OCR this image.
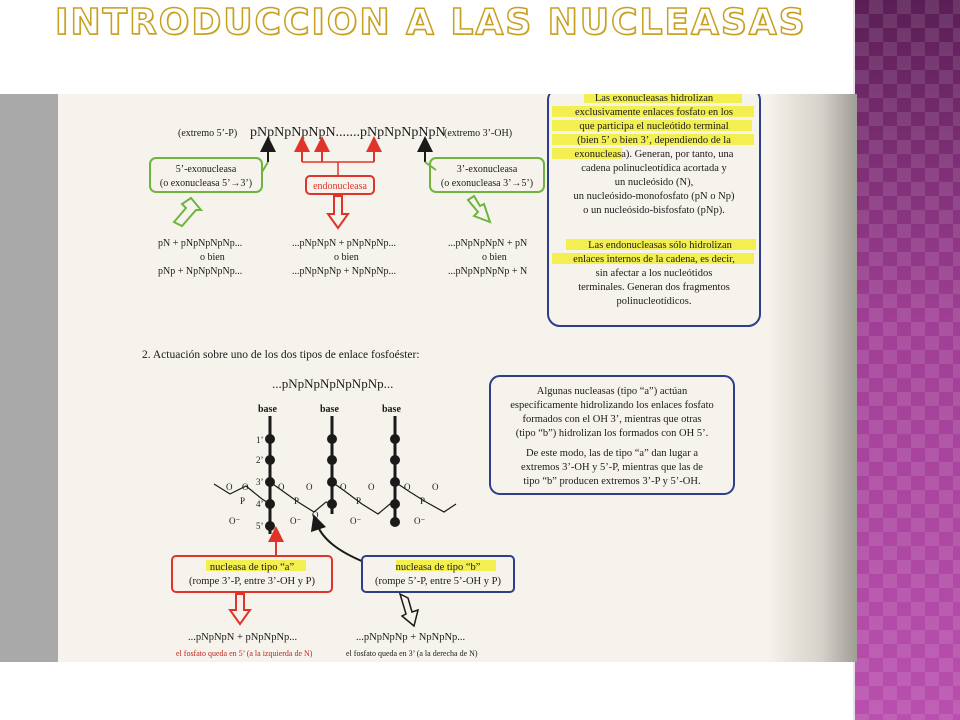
INTRODUCCION A LAS NUCLEASAS
(extremo 5’-P) pNpNpNpNpN.......pNpNpNpNpN
(extremo 3’-OH)
5’-exonucleasa
(o exonucleasa 5’→3’)	endonucleasa
3’-exonucleasa
(o exonucleasa 3’→5’)
pN + pNpNpNpNp...
o bien
pNp + NpNpNpNp...
...pNpNpN + pNpNpNp...
o bien
...pNpNpNp + NpNpNp...
...pNpNpNpN + pN
o bien
...pNpNpNpNp + N
Las exonucleasas hidrolizan
exclusivamente enlaces fosfato en los
que participa el nucleótido terminal
(bien 5’ o bien 3’, dependiendo de la
exonucleasa). Generan, por tanto, una
cadena polinucleotídica acortada y
un nucleósido (N),
un nucleósido-monofosfato (pN o Np)
o un nucleósido-bisfosfato (pNp).
Las endonucleasas sólo hidrolizan
enlaces internos de la cadena, es decir,
sin afectar a los nucleótidos
terminales. Generan dos fragmentos
polinucleotídicos.
2. Actuación sobre uno de los dos tipos de enlace fosfoéster:
...pNpNpNpNpNpNp...
base	base	base
1’
2’
3’
4’
5’
O
P
O⁻
O	O
P
O⁻
O	O
P
O⁻
O	O
P
O⁻
O
O
Algunas nucleasas (tipo “a”) actúan
específicamente hidrolizando los enlaces fosfato
formados con el OH 3’, mientras que otras
(tipo “b”) hidrolizan los formados con OH 5’.
De este modo, las de tipo “a” dan lugar a
extremos 3’-OH y 5’-P, mientras que las de
tipo “b” producen extremos 3’-P y 5’-OH.
nucleasa de tipo “a”
(rompe 3’-P, entre 3’-OH y P)
nucleasa de tipo “b”
(rompe 5’-P, entre 5’-OH y P)
...pNpNpN + pNpNpNp...
el fosfato queda en 5’ (a la izquierda de N)
...pNpNpNp + NpNpNp...
el fosfato queda en 3’ (a la derecha de N)
